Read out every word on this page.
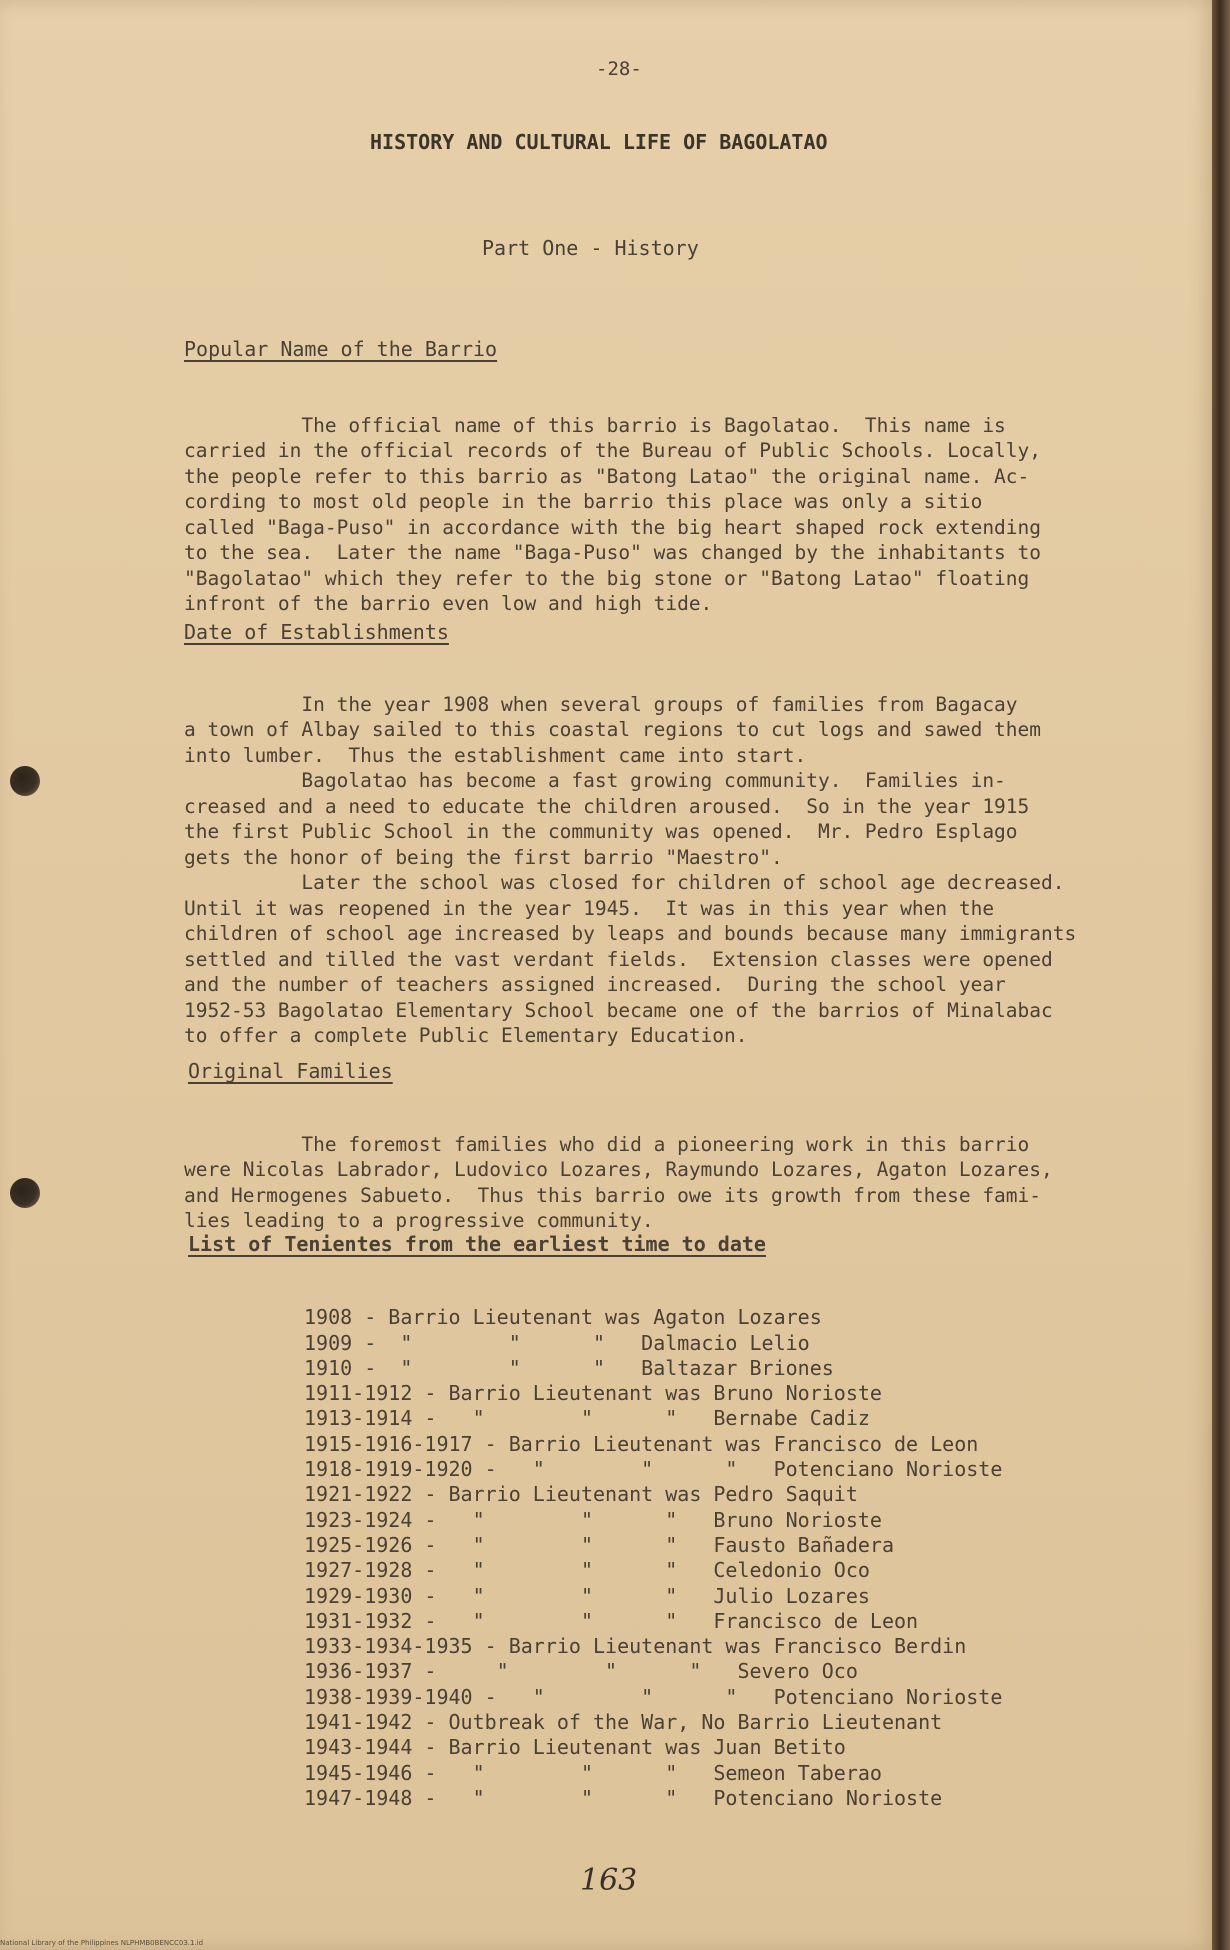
-28-
HISTORY AND CULTURAL LIFE OF BAGOLATAO
Part One - History
Popular Name of the Barrio

The official name of this barrio is Bagolatao.  This name is
carried in the official records of the Bureau of Public Schools. Locally,
the people refer to this barrio as "Batong Latao" the original name. Ac-
cording to most old people in the barrio this place was only a sitio
called "Baga-Puso" in accordance with the big heart shaped rock extending
to the sea.  Later the name "Baga-Puso" was changed by the inhabitants to
"Bagolatao" which they refer to the big stone or "Batong Latao" floating
infront of the barrio even low and high tide.

Date of Establishments

In the year 1908 when several groups of families from Bagacay
a town of Albay sailed to this coastal regions to cut logs and sawed them
into lumber.  Thus the establishment came into start.
Bagolatao has become a fast growing community.  Families in-
creased and a need to educate the children aroused.  So in the year 1915
the first Public School in the community was opened.  Mr. Pedro Esplago
gets the honor of being the first barrio "Maestro".
Later the school was closed for children of school age decreased.
Until it was reopened in the year 1945.  It was in this year when the
children of school age increased by leaps and bounds because many immigrants
settled and tilled the vast verdant fields.  Extension classes were opened
and the number of teachers assigned increased.  During the school year
1952-53 Bagolatao Elementary School became one of the barrios of Minalabac
to offer a complete Public Elementary Education.

Original Families

The foremost families who did a pioneering work in this barrio
were Nicolas Labrador, Ludovico Lozares, Raymundo Lozares, Agaton Lozares,
and Hermogenes Sabueto.  Thus this barrio owe its growth from these fami-
lies leading to a progressive community.

List of Tenientes from the earliest time to date

1908 - Barrio Lieutenant was Agaton Lozares
1909 -  "        "      "   Dalmacio Lelio
1910 -  "        "      "   Baltazar Briones
1911-1912 - Barrio Lieutenant was Bruno Norioste
1913-1914 -   "        "      "   Bernabe Cadiz
1915-1916-1917 - Barrio Lieutenant was Francisco de Leon
1918-1919-1920 -   "        "      "   Potenciano Norioste
1921-1922 - Barrio Lieutenant was Pedro Saquit
1923-1924 -   "        "      "   Bruno Norioste
1925-1926 -   "        "      "   Fausto Bañadera
1927-1928 -   "        "      "   Celedonio Oco
1929-1930 -   "        "      "   Julio Lozares
1931-1932 -   "        "      "   Francisco de Leon
1933-1934-1935 - Barrio Lieutenant was Francisco Berdin
1936-1937 -     "        "      "   Severo Oco
1938-1939-1940 -   "        "      "   Potenciano Norioste
1941-1942 - Outbreak of the War, No Barrio Lieutenant
1943-1944 - Barrio Lieutenant was Juan Betito
1945-1946 -   "        "      "   Semeon Taberao
1947-1948 -   "        "      "   Potenciano Norioste

163
National Library of the Philippines NLPHMB0BENCC03.1.id
